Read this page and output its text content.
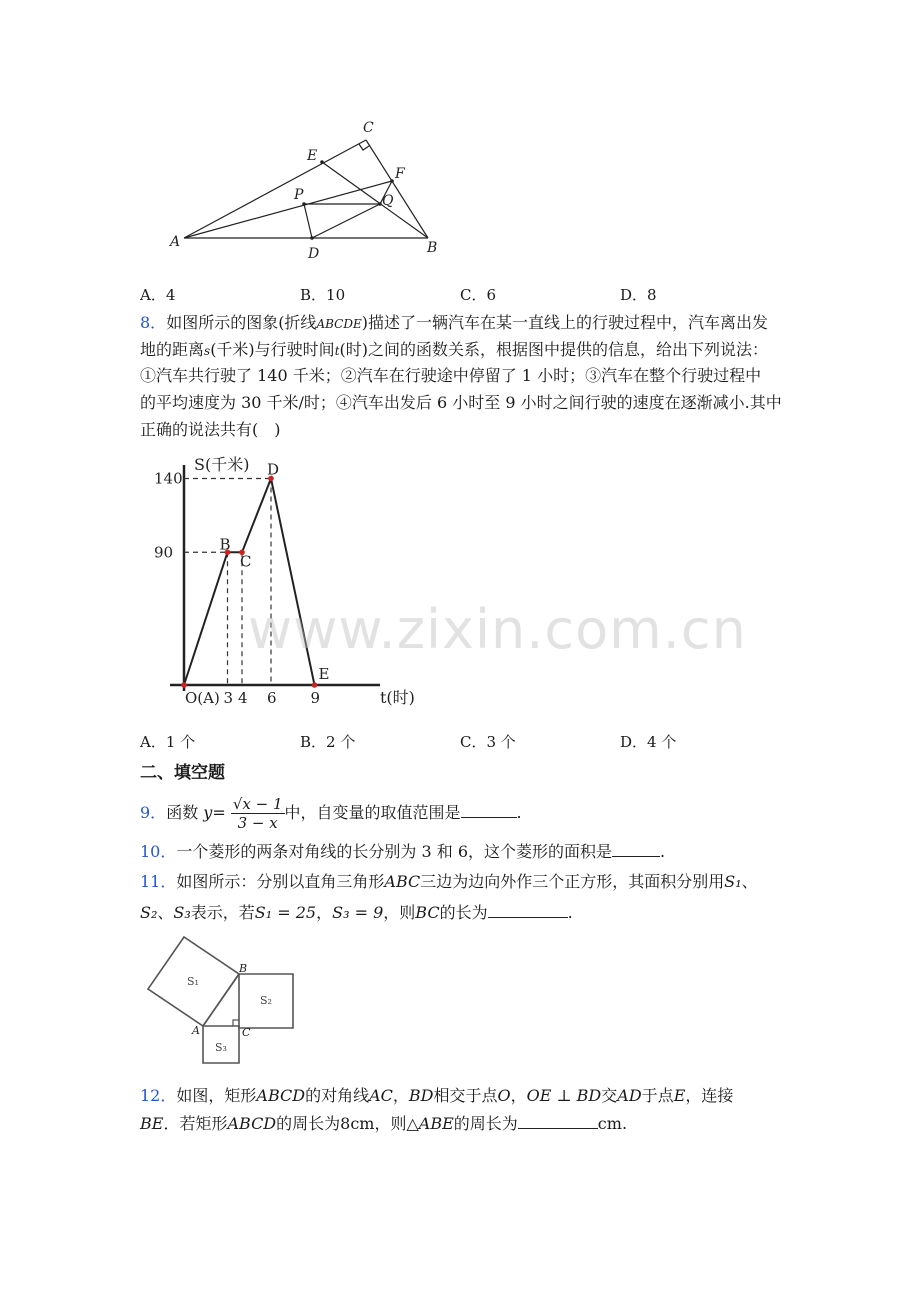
A	B
C
D
E
F
P	Q
A．4	B．10	C．6	D．8
8．如图所示的图象(折线ABCDE)描述了一辆汽车在某一直线上的行驶过程中，汽车离出发
地的距离s(千米)与行驶时间t(时)之间的函数关系，根据图中提供的信息，给出下列说法：
①汽车共行驶了 140 千米；②汽车在行驶途中停留了 1 小时；③汽车在整个行驶过程中
的平均速度为 30 千米/时；④汽车出发后 6 小时至 9 小时之间行驶的速度在逐渐减小.其中
正确的说法共有(　)
B
C
D
E
O(A) 3 4 6 9
90
140
S(千米)
t(时)
www.zixin.com.cn
A．1 个	B．2 个	C．3 个	D．4 个
二、填空题
9．函数 $y= \frac{√x - 1}{3 - x}$ 中，自变量的取值范围是	.
10．一个菱形的两条对角线的长分别为 3 和 6，这个菱形的面积是	.
11．如图所示：分别以直角三角形ABC三边为边向外作三个正方形，其面积分别用S₁、
S₂、S₃表示，若S₁ = 25，S₃ = 9，则BC的长为	.
S₁
S₂
S₃
A
B
C
12．如图，矩形ABCD的对角线AC，BD相交于点O，OE ⊥ BD交AD于点E，连接
BE．若矩形ABCD的周长为8cm，则△ABE的周长为	cm.
